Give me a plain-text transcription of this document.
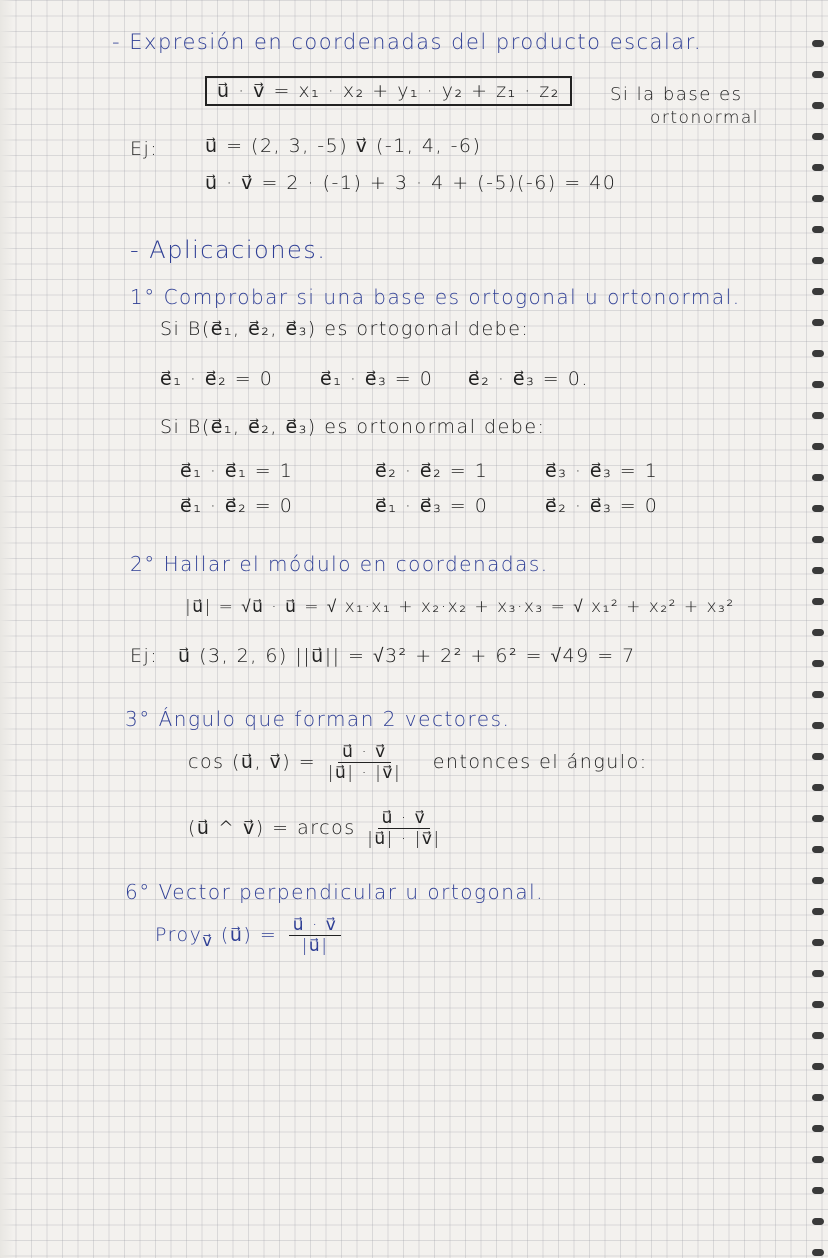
- Expresión en coordenadas del producto escalar.
u⃗ · v⃗ = x₁ · x₂ + y₁ · y₂ + z₁ · z₂	Si la base es
ortonormal
Ej: u⃗ = (2, 3, -5) v⃗ (-1, 4, -6)
u⃗ · v⃗ = 2 · (-1) + 3 · 4 + (-5)(-6) = 40
- Aplicaciones.
1° Comprobar si una base es ortogonal u ortonormal.
Si B(e⃗₁, e⃗₂, e⃗₃) es ortogonal debe:
e⃗₁ · e⃗₂ = 0 e⃗₁ · e⃗₃ = 0 e⃗₂ · e⃗₃ = 0.
Si B(e⃗₁, e⃗₂, e⃗₃) es ortonormal debe:
e⃗₁ · e⃗₁ = 1	e⃗₂ · e⃗₂ = 1	e⃗₃ · e⃗₃ = 1
e⃗₁ · e⃗₂ = 0	e⃗₁ · e⃗₃ = 0	e⃗₂ · e⃗₃ = 0
2° Hallar el módulo en coordenadas.
|u⃗| = √u⃗ · u⃗ = √ x₁·x₁ + x₂·x₂ + x₃·x₃ = √ x₁² + x₂² + x₃²
Ej: u⃗ (3, 2, 6) ||u⃗|| = √3² + 2² + 6² = √49 = 7
3° Ángulo que forman 2 vectores.
cos (u⃗, v⃗) = $\frac{u⃗ \cdot v⃗}{|u⃗| \cdot |v⃗|}$ entonces el ángulo:
(u⃗ ^ v⃗) = arcos $\frac{u⃗ \cdot v⃗}{|u⃗| \cdot |v⃗|}$
6° Vector perpendicular u ortogonal.
Proy$_{v⃗}$ (u⃗) = $\frac{u⃗ \cdot v⃗}{|u⃗|}$
